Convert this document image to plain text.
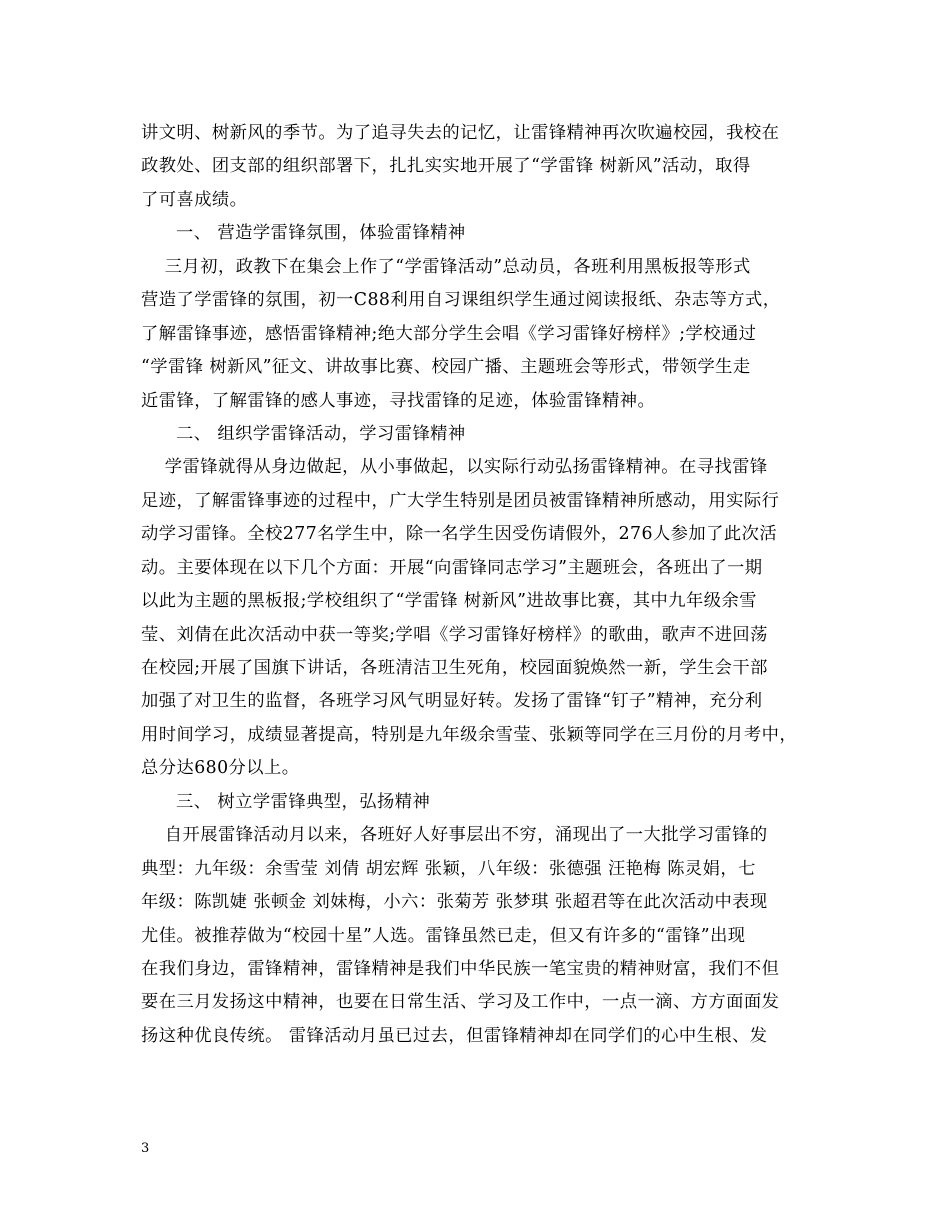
讲文明、树新风的季节。为了追寻失去的记忆，让雷锋精神再次吹遍校园，我校在
政教处、团支部的组织部署下，扎扎实实地开展了“学雷锋 树新风”活动，取得
了可喜成绩。
一、 营造学雷锋氛围，体验雷锋精神
三月初，政教下在集会上作了“学雷锋活动”总动员，各班利用黑板报等形式
营造了学雷锋的氛围，初一C88利用自习课组织学生通过阅读报纸、杂志等方式，
了解雷锋事迹，感悟雷锋精神;绝大部分学生会唱《学习雷锋好榜样》;学校通过
“学雷锋 树新风”征文、讲故事比赛、校园广播、主题班会等形式，带领学生走
近雷锋，了解雷锋的感人事迹，寻找雷锋的足迹，体验雷锋精神。
二、 组织学雷锋活动，学习雷锋精神
学雷锋就得从身边做起，从小事做起，以实际行动弘扬雷锋精神。在寻找雷锋
足迹，了解雷锋事迹的过程中，广大学生特别是团员被雷锋精神所感动，用实际行
动学习雷锋。全校277名学生中，除一名学生因受伤请假外，276人参加了此次活
动。主要体现在以下几个方面：开展“向雷锋同志学习”主题班会，各班出了一期
以此为主题的黑板报;学校组织了“学雷锋 树新风”进故事比赛，其中九年级余雪
莹、刘倩在此次活动中获一等奖;学唱《学习雷锋好榜样》的歌曲，歌声不进回荡
在校园;开展了国旗下讲话，各班清洁卫生死角，校园面貌焕然一新，学生会干部
加强了对卫生的监督，各班学习风气明显好转。发扬了雷锋“钉子”精神，充分利
用时间学习，成绩显著提高，特别是九年级余雪莹、张颖等同学在三月份的月考中，
总分达680分以上。
三、 树立学雷锋典型，弘扬精神
自开展雷锋活动月以来，各班好人好事层出不穷，涌现出了一大批学习雷锋的
典型：九年级：余雪莹 刘倩 胡宏辉 张颖，八年级：张德强 汪艳梅 陈灵娟，七
年级：陈凯婕 张顿金 刘妹梅，小六：张菊芳 张梦琪 张超君等在此次活动中表现
尤佳。被推荐做为“校园十星”人选。雷锋虽然已走，但又有许多的“雷锋”出现
在我们身边，雷锋精神，雷锋精神是我们中华民族一笔宝贵的精神财富，我们不但
要在三月发扬这中精神，也要在日常生活、学习及工作中，一点一滴、方方面面发
扬这种优良传统。 雷锋活动月虽已过去，但雷锋精神却在同学们的心中生根、发
3
